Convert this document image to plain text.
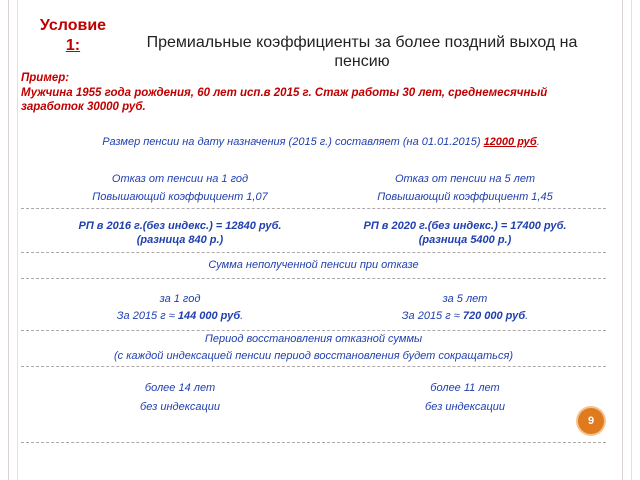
Условие
1:	Премиальные коэффициенты за более поздний выход на пенсию
Пример:
Мужчина 1955 года рождения, 60 лет исп.в 2015 г. Стаж работы 30 лет, среднемесячный
заработок 30000 руб.
Размер пенсии на дату назначения (2015 г.) составляет (на 01.01.2015) 12000 руб.
Отказ от пенсии на 1 год
Повышающий коэффициент 1,07
Отказ от пенсии на 5 лет
Повышающий коэффициент 1,45
РП в 2016 г.(без индекс.) = 12840 руб.
(разница 840 р.)
РП в 2020 г.(без индекс.) = 17400 руб.
(разница 5400 р.)
Сумма неполученной пенсии при отказе
за 1 год
За 2015 г ≈ 144 000 руб.
за 5 лет
За 2015 г ≈ 720 000 руб.
Период восстановления отказной суммы
(с каждой индексацией пенсии период восстановления будет сокращаться)
более 14 лет
без индексации
более 11 лет
без индексации
9
